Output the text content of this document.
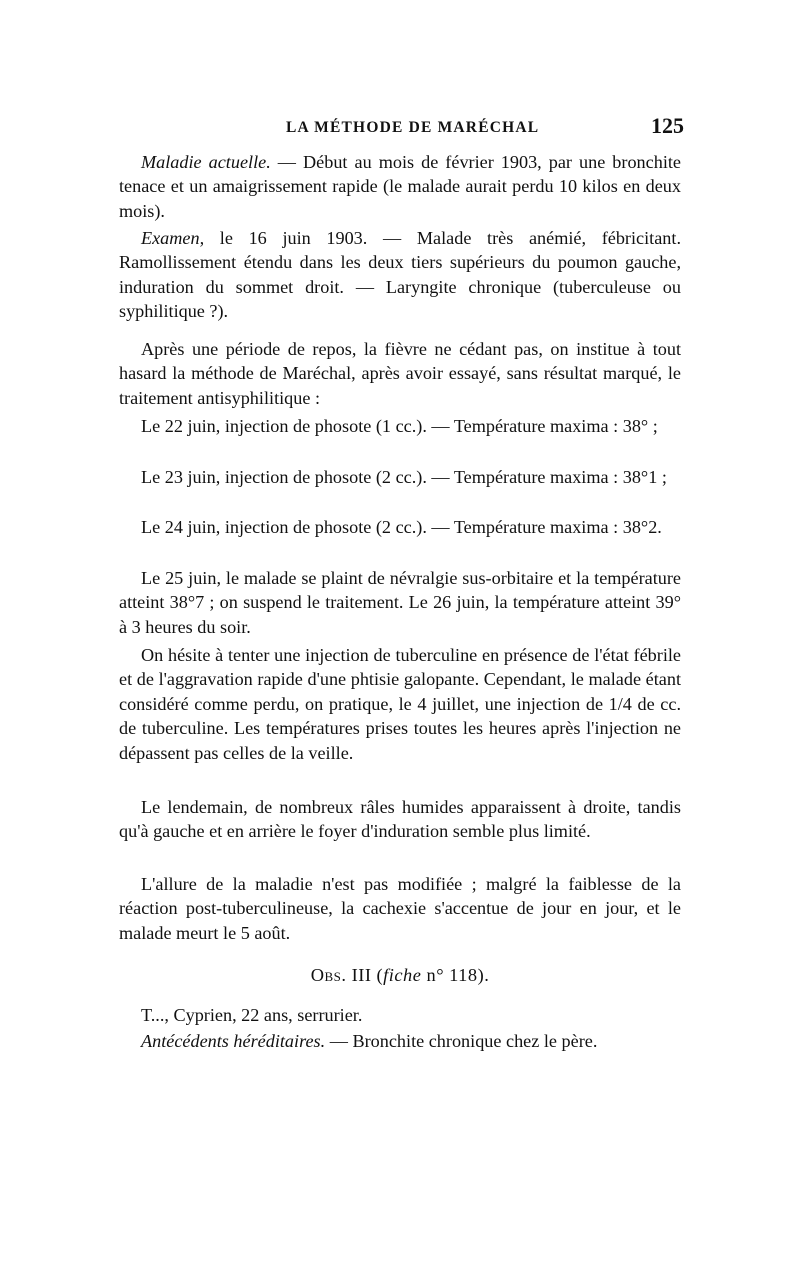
LA MÉTHODE DE MARÉCHAL	125

Maladie actuelle. — Début au mois de février 1903, par une bronchite tenace et un amaigrissement rapide (le malade aurait perdu 10 kilos en deux mois).

Examen, le 16 juin 1903. — Malade très anémié, fébricitant. Ramollissement étendu dans les deux tiers supérieurs du poumon gauche, induration du sommet droit. — Laryngite chronique (tuberculeuse ou syphilitique ?).

Après une période de repos, la fièvre ne cédant pas, on institue à tout hasard la méthode de Maréchal, après avoir essayé, sans résultat marqué, le traitement antisyphilitique :

Le 22 juin, injection de phosote (1 cc.). — Température maxima : 38° ;

Le 23 juin, injection de phosote (2 cc.). — Température maxima : 38°1 ;

Le 24 juin, injection de phosote (2 cc.). — Température maxima : 38°2.

Le 25 juin, le malade se plaint de névralgie sus-orbitaire et la température atteint 38°7 ; on suspend le traitement. Le 26 juin, la température atteint 39° à 3 heures du soir.

On hésite à tenter une injection de tuberculine en présence de l'état fébrile et de l'aggravation rapide d'une phtisie galopante. Cependant, le malade étant considéré comme perdu, on pratique, le 4 juillet, une injection de 1/4 de cc. de tuberculine. Les températures prises toutes les heures après l'injection ne dépassent pas celles de la veille.

Le lendemain, de nombreux râles humides apparaissent à droite, tandis qu'à gauche et en arrière le foyer d'induration semble plus limité.

L'allure de la maladie n'est pas modifiée ; malgré la faiblesse de la réaction post-tuberculineuse, la cachexie s'accentue de jour en jour, et le malade meurt le 5 août.

Obs. III (fiche n° 118).

T..., Cyprien, 22 ans, serrurier.

Antécédents héréditaires. — Bronchite chronique chez le père.
